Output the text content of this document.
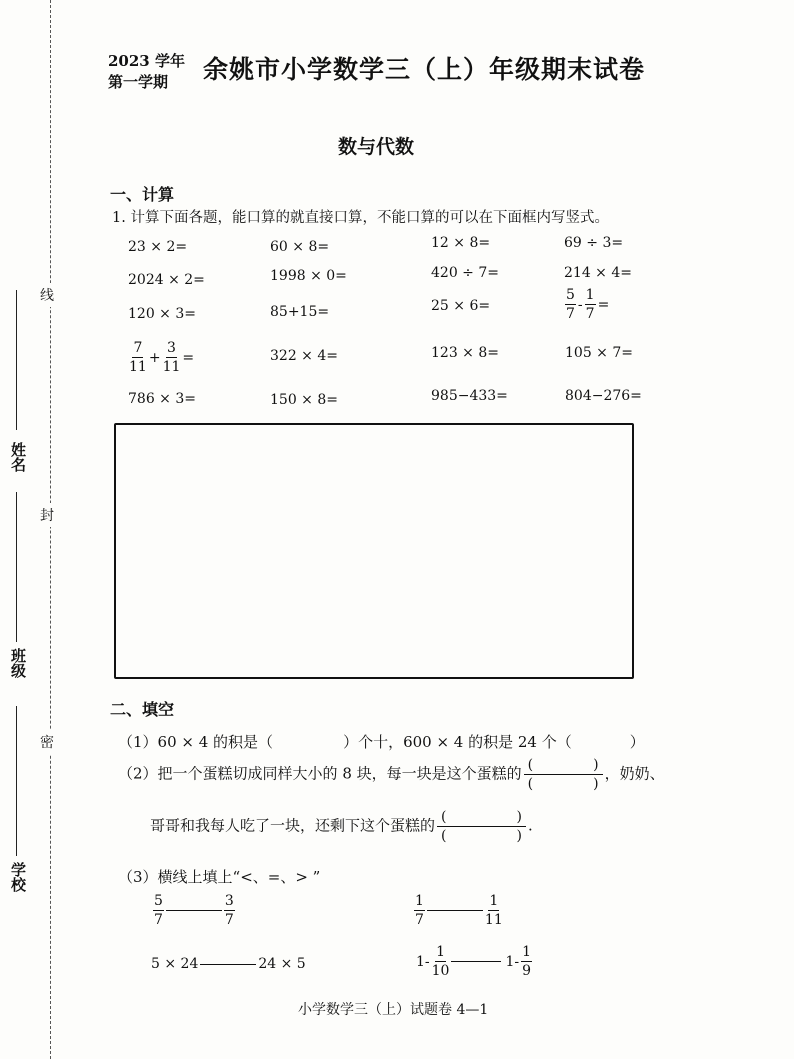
姓名
班级
学校
线
封
密
2023 学年
第一学期 余姚市小学数学三（上）年级期末试卷
数与代数
一、计算
1. 计算下面各题，能口算的就直接口算，不能口算的可以在下面框内写竖式。
23 × 2=	60 × 8=	12 × 8=	69 ÷ 3=
2024 × 2=	1998 × 0=	420 ÷ 7=	214 × 4=
120 × 3=	85+15=	25 × 6=	$\frac{5}{7} - \frac{1}{7}$ =
$\frac{7}{11} + \frac{3}{11}$ =	322 × 4=	123 × 8=	105 × 7=
786 × 3=	150 × 8=	985−433=	804−276=
二、填空
（1）60 × 4 的积是（	）个十，600 × 4 的积是 24 个（	）
（2）把一个蛋糕切成同样大小的 8 块，每一块是这个蛋糕的 (	)
(	) ，奶奶、
哥哥和我每人吃了一块，还剩下这个蛋糕的 (	)
(	) .
（3）横线上填上“<、=、> ”
$\frac{5}{7}$	$\frac{3}{7}$	$\frac{1}{7}$	$\frac{1}{11}$
5 × 24	24 × 5	$1- \frac{1}{10}$	$1- \frac{1}{9}$
小学数学三（上）试题卷 4—1
